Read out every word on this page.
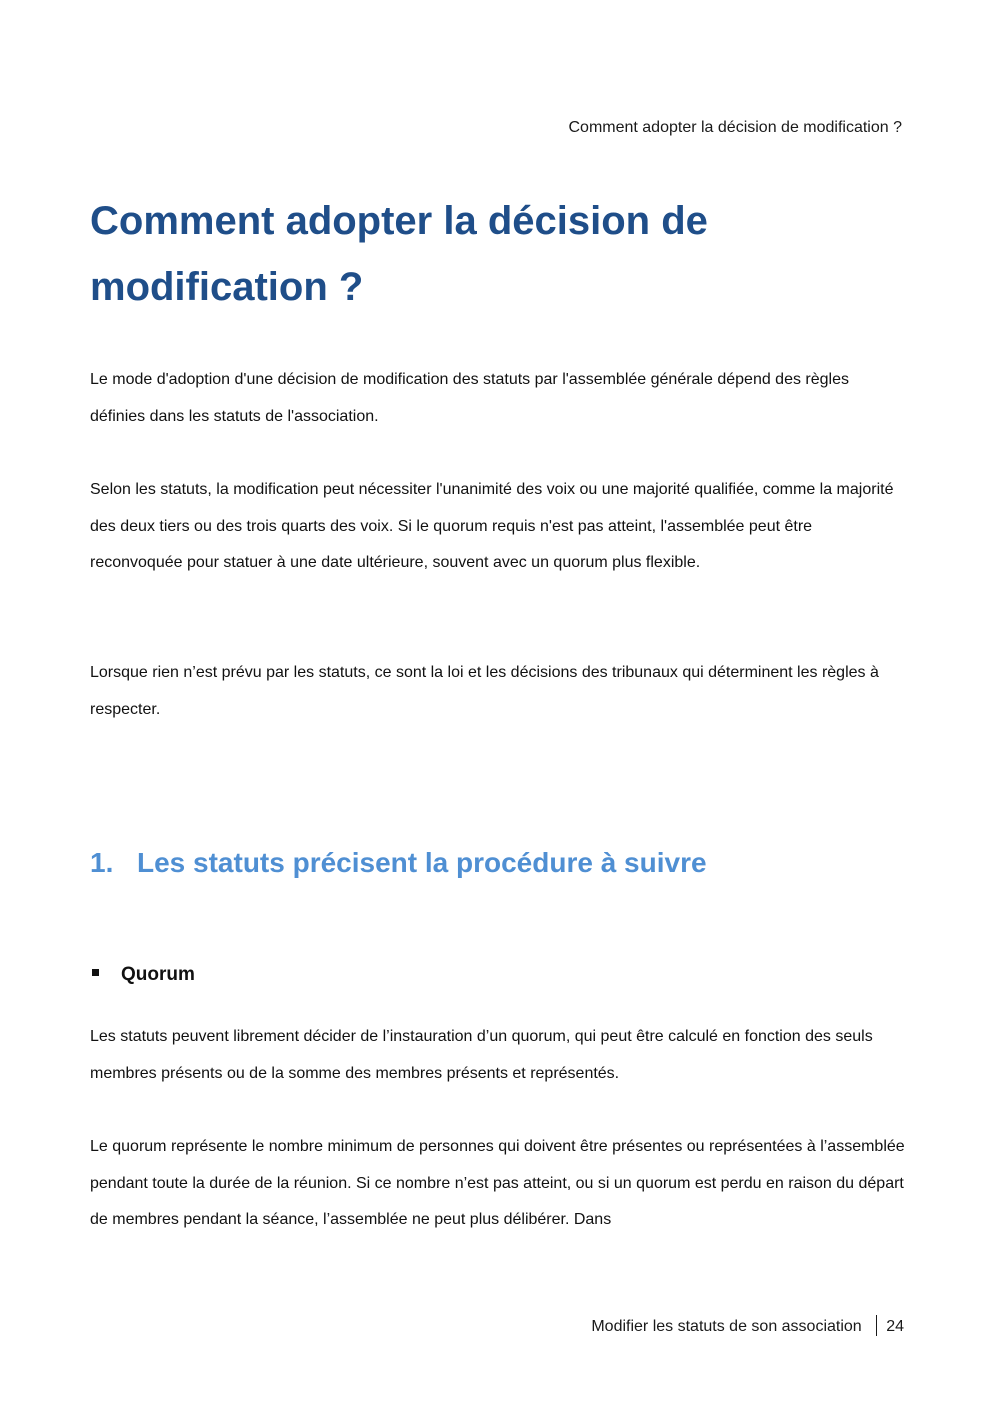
Comment adopter la décision de modification ?
Comment adopter la décision de modification ?

Le mode d'adoption d'une décision de modification des statuts par l'assemblée générale dépend des règles définies dans les statuts de l'association.

Selon les statuts, la modification peut nécessiter l'unanimité des voix ou une majorité qualifiée, comme la majorité des deux tiers ou des trois quarts des voix. Si le quorum requis n'est pas atteint, l'assemblée peut être reconvoquée pour statuer à une date ultérieure, souvent avec un quorum plus flexible.

Lorsque rien n’est prévu par les statuts, ce sont la loi et les décisions des tribunaux qui déterminent les règles à respecter.

1. Les statuts précisent la procédure à suivre
Quorum

Les statuts peuvent librement décider de l’instauration d’un quorum, qui peut être calculé en fonction des seuls membres présents ou de la somme des membres présents et représentés.

Le quorum représente le nombre minimum de personnes qui doivent être présentes ou représentées à l’assemblée pendant toute la durée de la réunion. Si ce nombre n’est pas atteint, ou si un quorum est perdu en raison du départ de membres pendant la séance, l’assemblée ne peut plus délibérer. Dans

Modifier les statuts de son association 24
